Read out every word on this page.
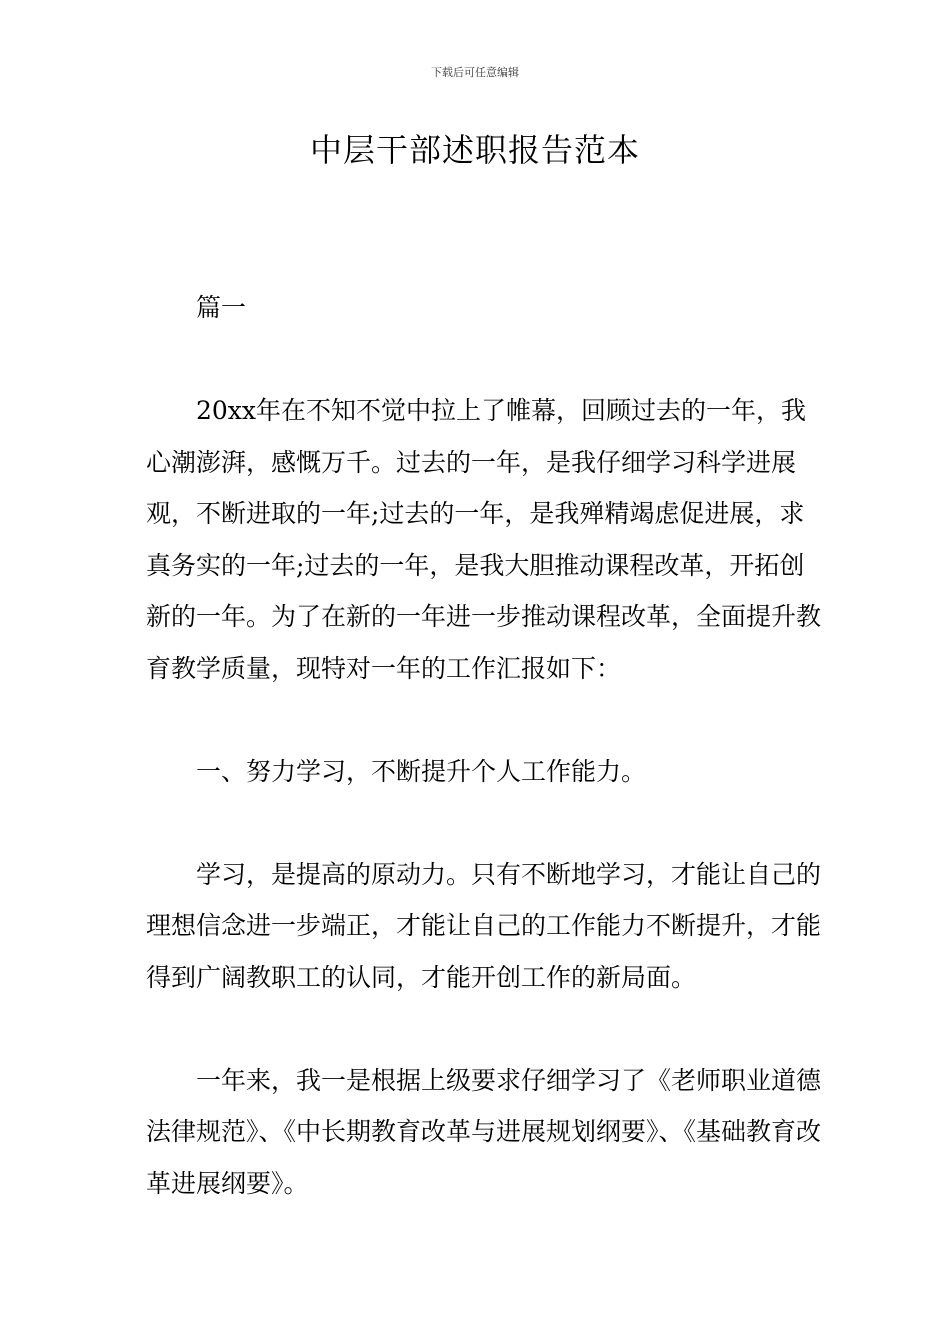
下载后可任意编辑
中层干部述职报告范本

篇一

20xx年在不知不觉中拉上了帷幕，回顾过去的一年，我心潮澎湃，感慨万千。过去的一年，是我仔细学习科学进展观，不断进取的一年;过去的一年，是我殚精竭虑促进展，求真务实的一年;过去的一年，是我大胆推动课程改革，开拓创新的一年。为了在新的一年进一步推动课程改革，全面提升教育教学质量，现特对一年的工作汇报如下：

一、努力学习，不断提升个人工作能力。

学习，是提高的原动力。只有不断地学习，才能让自己的理想信念进一步端正，才能让自己的工作能力不断提升，才能得到广阔教职工的认同，才能开创工作的新局面。

一年来，我一是根据上级要求仔细学习了《老师职业道德法律规范》、《中长期教育改革与进展规划纲要》、《基础教育改革进展纲要》。
